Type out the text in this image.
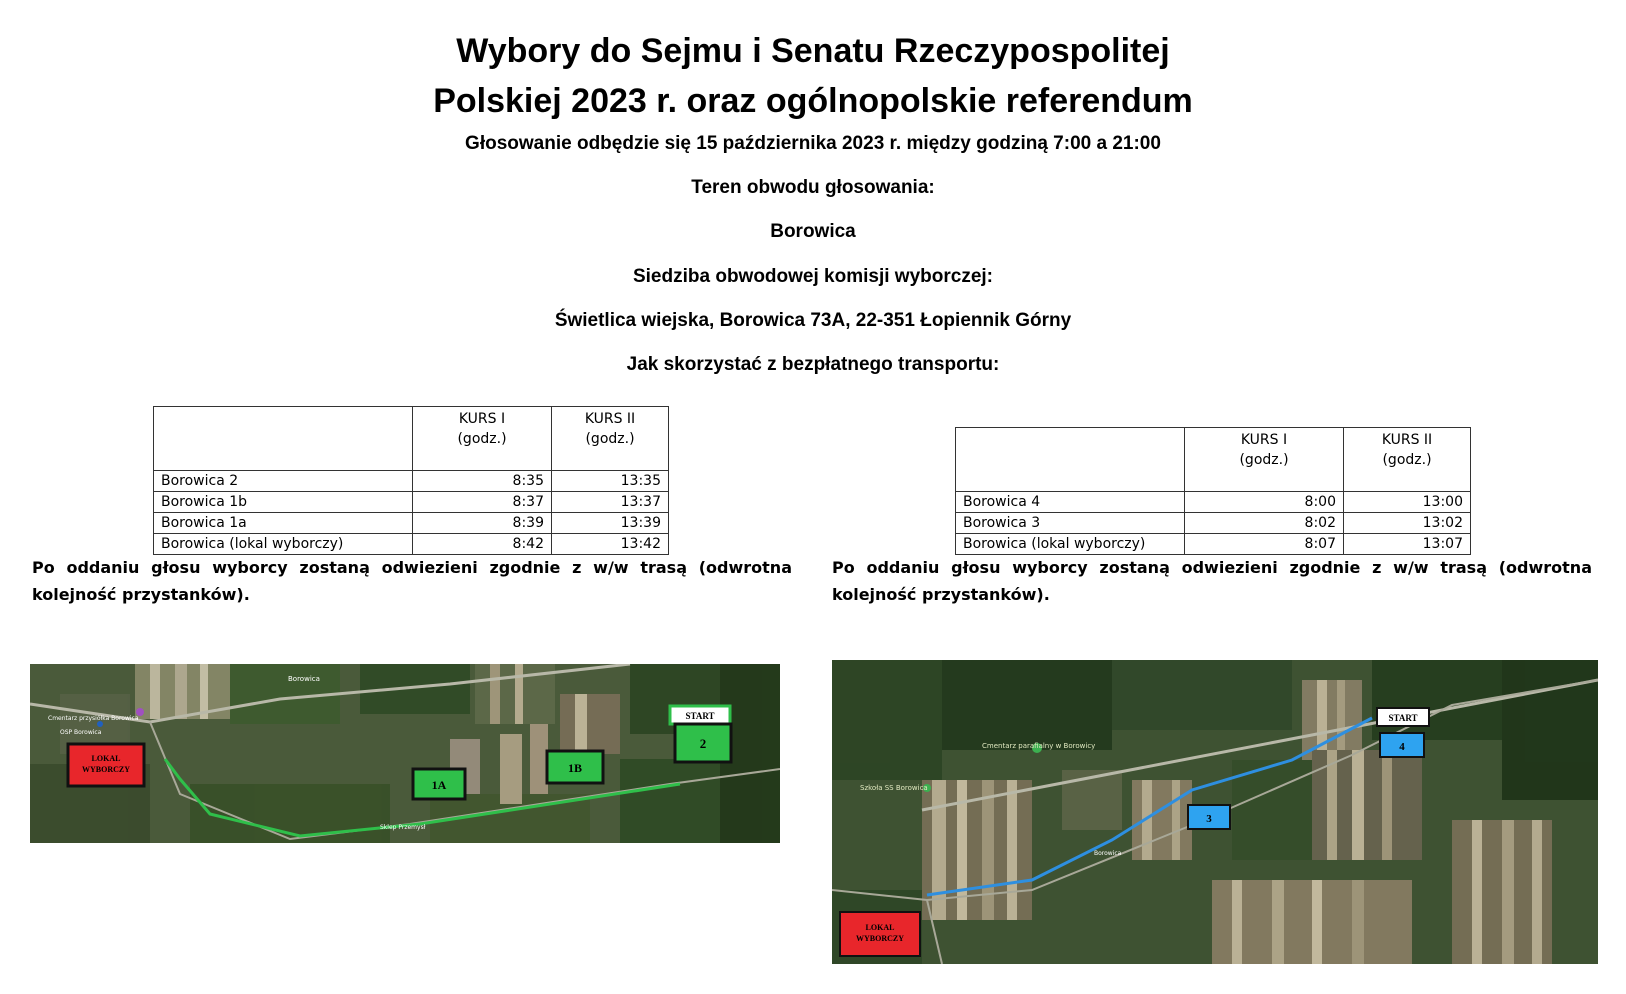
Wybory do Sejmu i Senatu Rzeczypospolitej
Polskiej 2023 r. oraz ogólnopolskie referendum
Głosowanie odbędzie się 15 października 2023 r. między godziną 7:00 a 21:00
Teren obwodu głosowania:
Borowica
Siedziba obwodowej komisji wyborczej:
Świetlica wiejska, Borowica 73A, 22-351 Łopiennik Górny
Jak skorzystać z bezpłatnego transportu:
	KURS I
(godz.)	KURS II
(godz.)
Borowica 2	8:35	13:35
Borowica 1b	8:37	13:37
Borowica 1a	8:39	13:39
Borowica (lokal wyborczy)	8:42	13:42
	KURS I
(godz.)	KURS II
(godz.)
Borowica 4	8:00	13:00
Borowica 3	8:02	13:02
Borowica (lokal wyborczy)	8:07	13:07
Po oddaniu głosu wyborcy zostaną odwiezieni zgodnie z w/w trasą (odwrotna kolejność przystanków).
Po oddaniu głosu wyborcy zostaną odwiezieni zgodnie z w/w trasą (odwrotna kolejność przystanków).
Borowica
Cmentarz przysiółka Borowica
OSP Borowica
Sklep Przemysł
START
2
1B
1A
LOKAL
WYBORCZY
Cmentarz parafialny w Borowicy
Szkoła SS Borowica
Borowica
START
4
3
LOKAL
WYBORCZY
